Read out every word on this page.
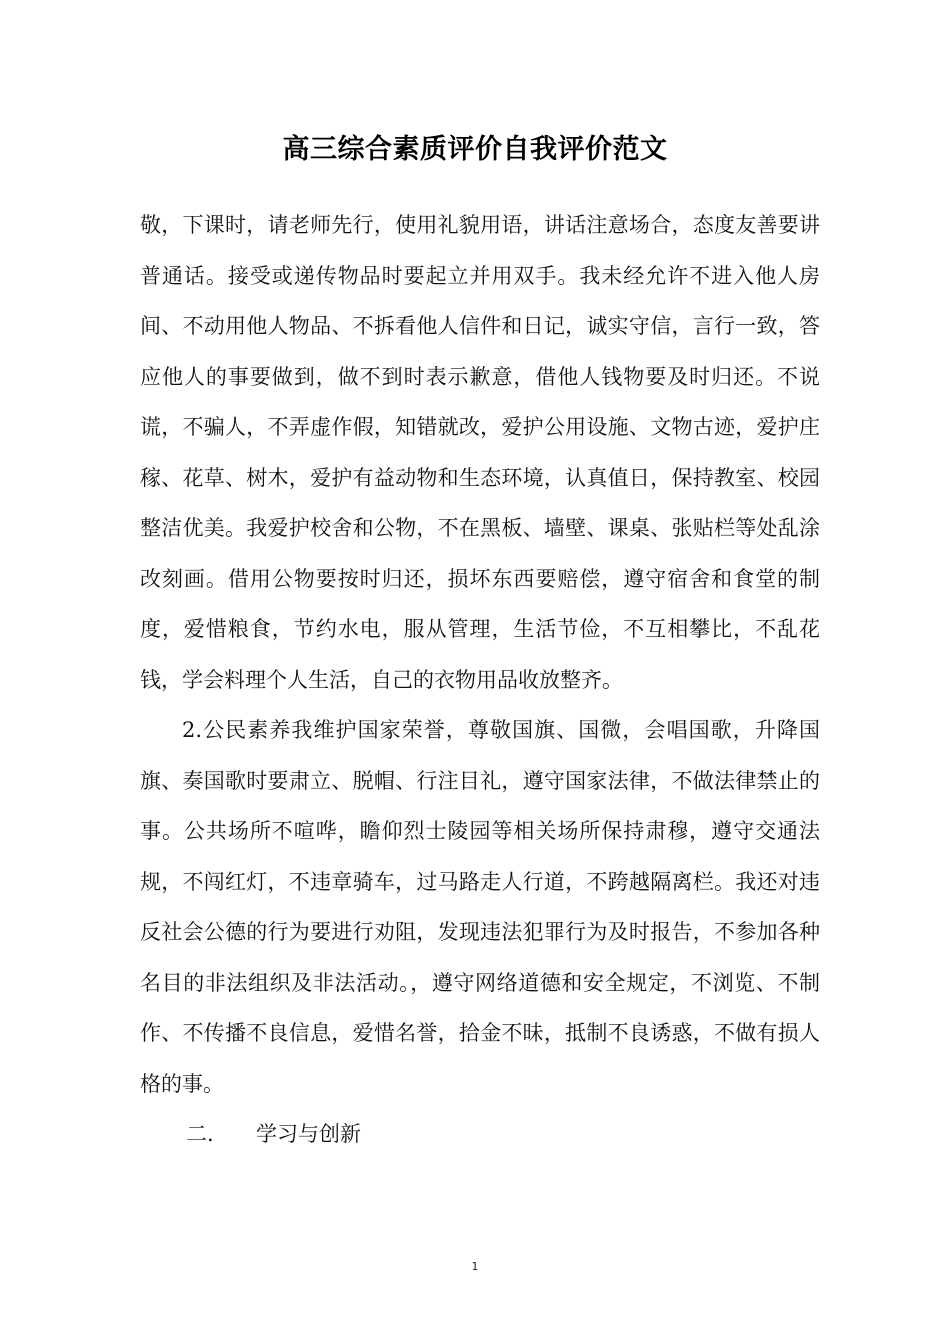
高三综合素质评价自我评价范文

敬，下课时，请老师先行，使用礼貌用语，讲话注意场合，态度友善要讲普通话。接受或递传物品时要起立并用双手。我未经允许不进入他人房间、不动用他人物品、不拆看他人信件和日记，诚实守信，言行一致，答应他人的事要做到，做不到时表示歉意，借他人钱物要及时归还。不说谎，不骗人，不弄虚作假，知错就改，爱护公用设施、文物古迹，爱护庄稼、花草、树木，爱护有益动物和生态环境，认真值日，保持教室、校园整洁优美。我爱护校舍和公物，不在黑板、墙壁、课桌、张贴栏等处乱涂改刻画。借用公物要按时归还，损坏东西要赔偿，遵守宿舍和食堂的制度，爱惜粮食，节约水电，服从管理，生活节俭，不互相攀比，不乱花钱，学会料理个人生活，自己的衣物用品收放整齐。

2.公民素养我维护国家荣誉，尊敬国旗、国微，会唱国歌，升降国旗、奏国歌时要肃立、脱帽、行注目礼，遵守国家法律，不做法律禁止的事。公共场所不喧哗，瞻仰烈士陵园等相关场所保持肃穆，遵守交通法规，不闯红灯，不违章骑车，过马路走人行道，不跨越隔离栏。我还对违反社会公德的行为要进行劝阻，发现违法犯罪行为及时报告，不参加各种名目的非法组织及非法活动。，遵守网络道德和安全规定，不浏览、不制作、不传播不良信息，爱惜名誉，拾金不昧，抵制不良诱惑，不做有损人格的事。

二. 学习与创新

1
